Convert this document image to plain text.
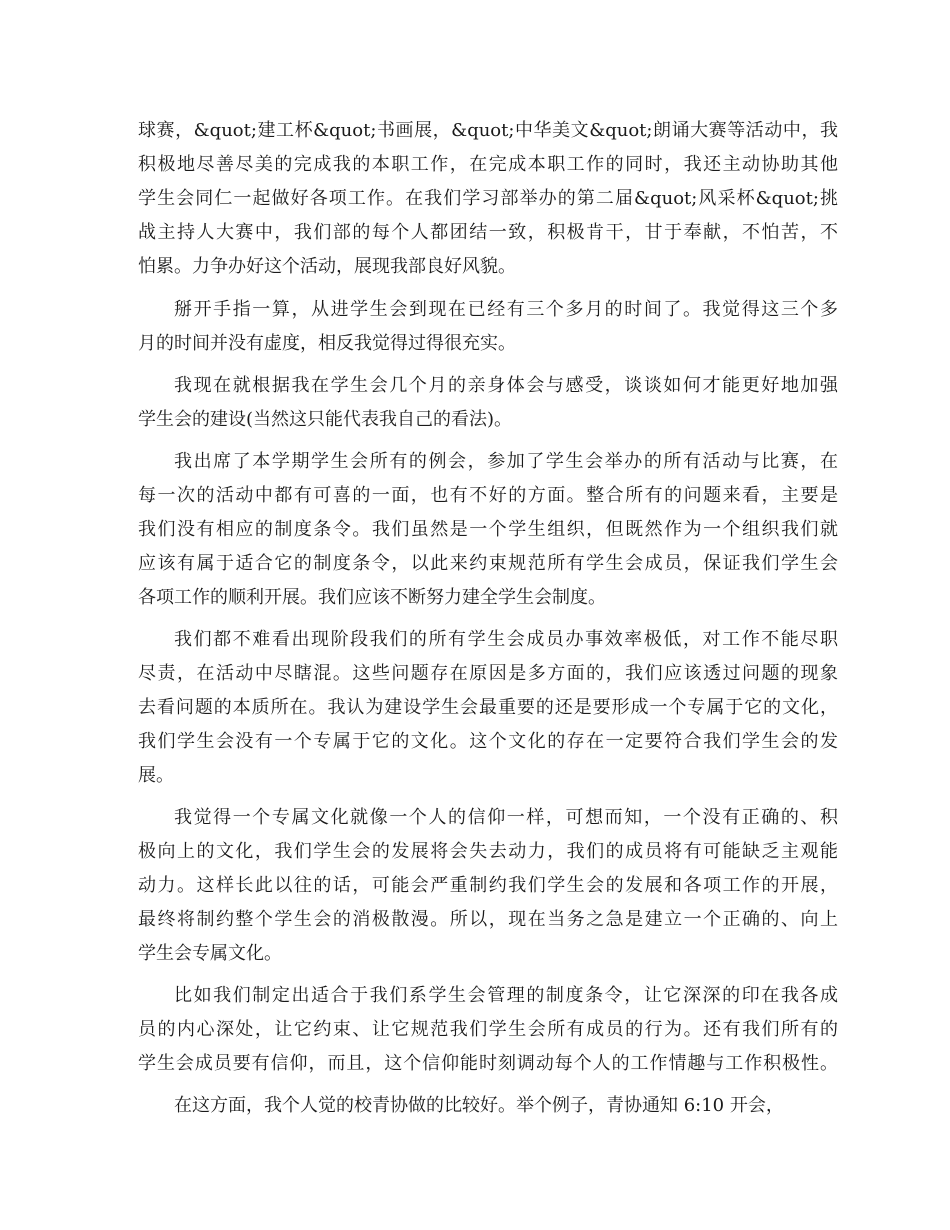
球赛，&quot;建工杯&quot;书画展，&quot;中华美文&quot;朗诵大赛等活动中，我
积极地尽善尽美的完成我的本职工作，在完成本职工作的同时，我还主动协助其他
学生会同仁一起做好各项工作。在我们学习部举办的第二届&quot;风采杯&quot;挑
战主持人大赛中，我们部的每个人都团结一致，积极肯干，甘于奉献，不怕苦，不
怕累。力争办好这个活动，展现我部良好风貌。
掰开手指一算，从进学生会到现在已经有三个多月的时间了。我觉得这三个多
月的时间并没有虚度，相反我觉得过得很充实。
我现在就根据我在学生会几个月的亲身体会与感受，谈谈如何才能更好地加强
学生会的建设(当然这只能代表我自己的看法)。
我出席了本学期学生会所有的例会，参加了学生会举办的所有活动与比赛，在
每一次的活动中都有可喜的一面，也有不好的方面。整合所有的问题来看，主要是
我们没有相应的制度条令。我们虽然是一个学生组织，但既然作为一个组织我们就
应该有属于适合它的制度条令，以此来约束规范所有学生会成员，保证我们学生会
各项工作的顺利开展。我们应该不断努力建全学生会制度。
我们都不难看出现阶段我们的所有学生会成员办事效率极低，对工作不能尽职
尽责，在活动中尽瞎混。这些问题存在原因是多方面的，我们应该透过问题的现象
去看问题的本质所在。我认为建设学生会最重要的还是要形成一个专属于它的文化，
我们学生会没有一个专属于它的文化。这个文化的存在一定要符合我们学生会的发
展。
我觉得一个专属文化就像一个人的信仰一样，可想而知，一个没有正确的、积
极向上的文化，我们学生会的发展将会失去动力，我们的成员将有可能缺乏主观能
动力。这样长此以往的话，可能会严重制约我们学生会的发展和各项工作的开展，
最终将制约整个学生会的消极散漫。所以，现在当务之急是建立一个正确的、向上
学生会专属文化。
比如我们制定出适合于我们系学生会管理的制度条令，让它深深的印在我各成
员的内心深处，让它约束、让它规范我们学生会所有成员的行为。还有我们所有的
学生会成员要有信仰，而且，这个信仰能时刻调动每个人的工作情趣与工作积极性。
在这方面，我个人觉的校青协做的比较好。举个例子，青协通知 6:10 开会，
